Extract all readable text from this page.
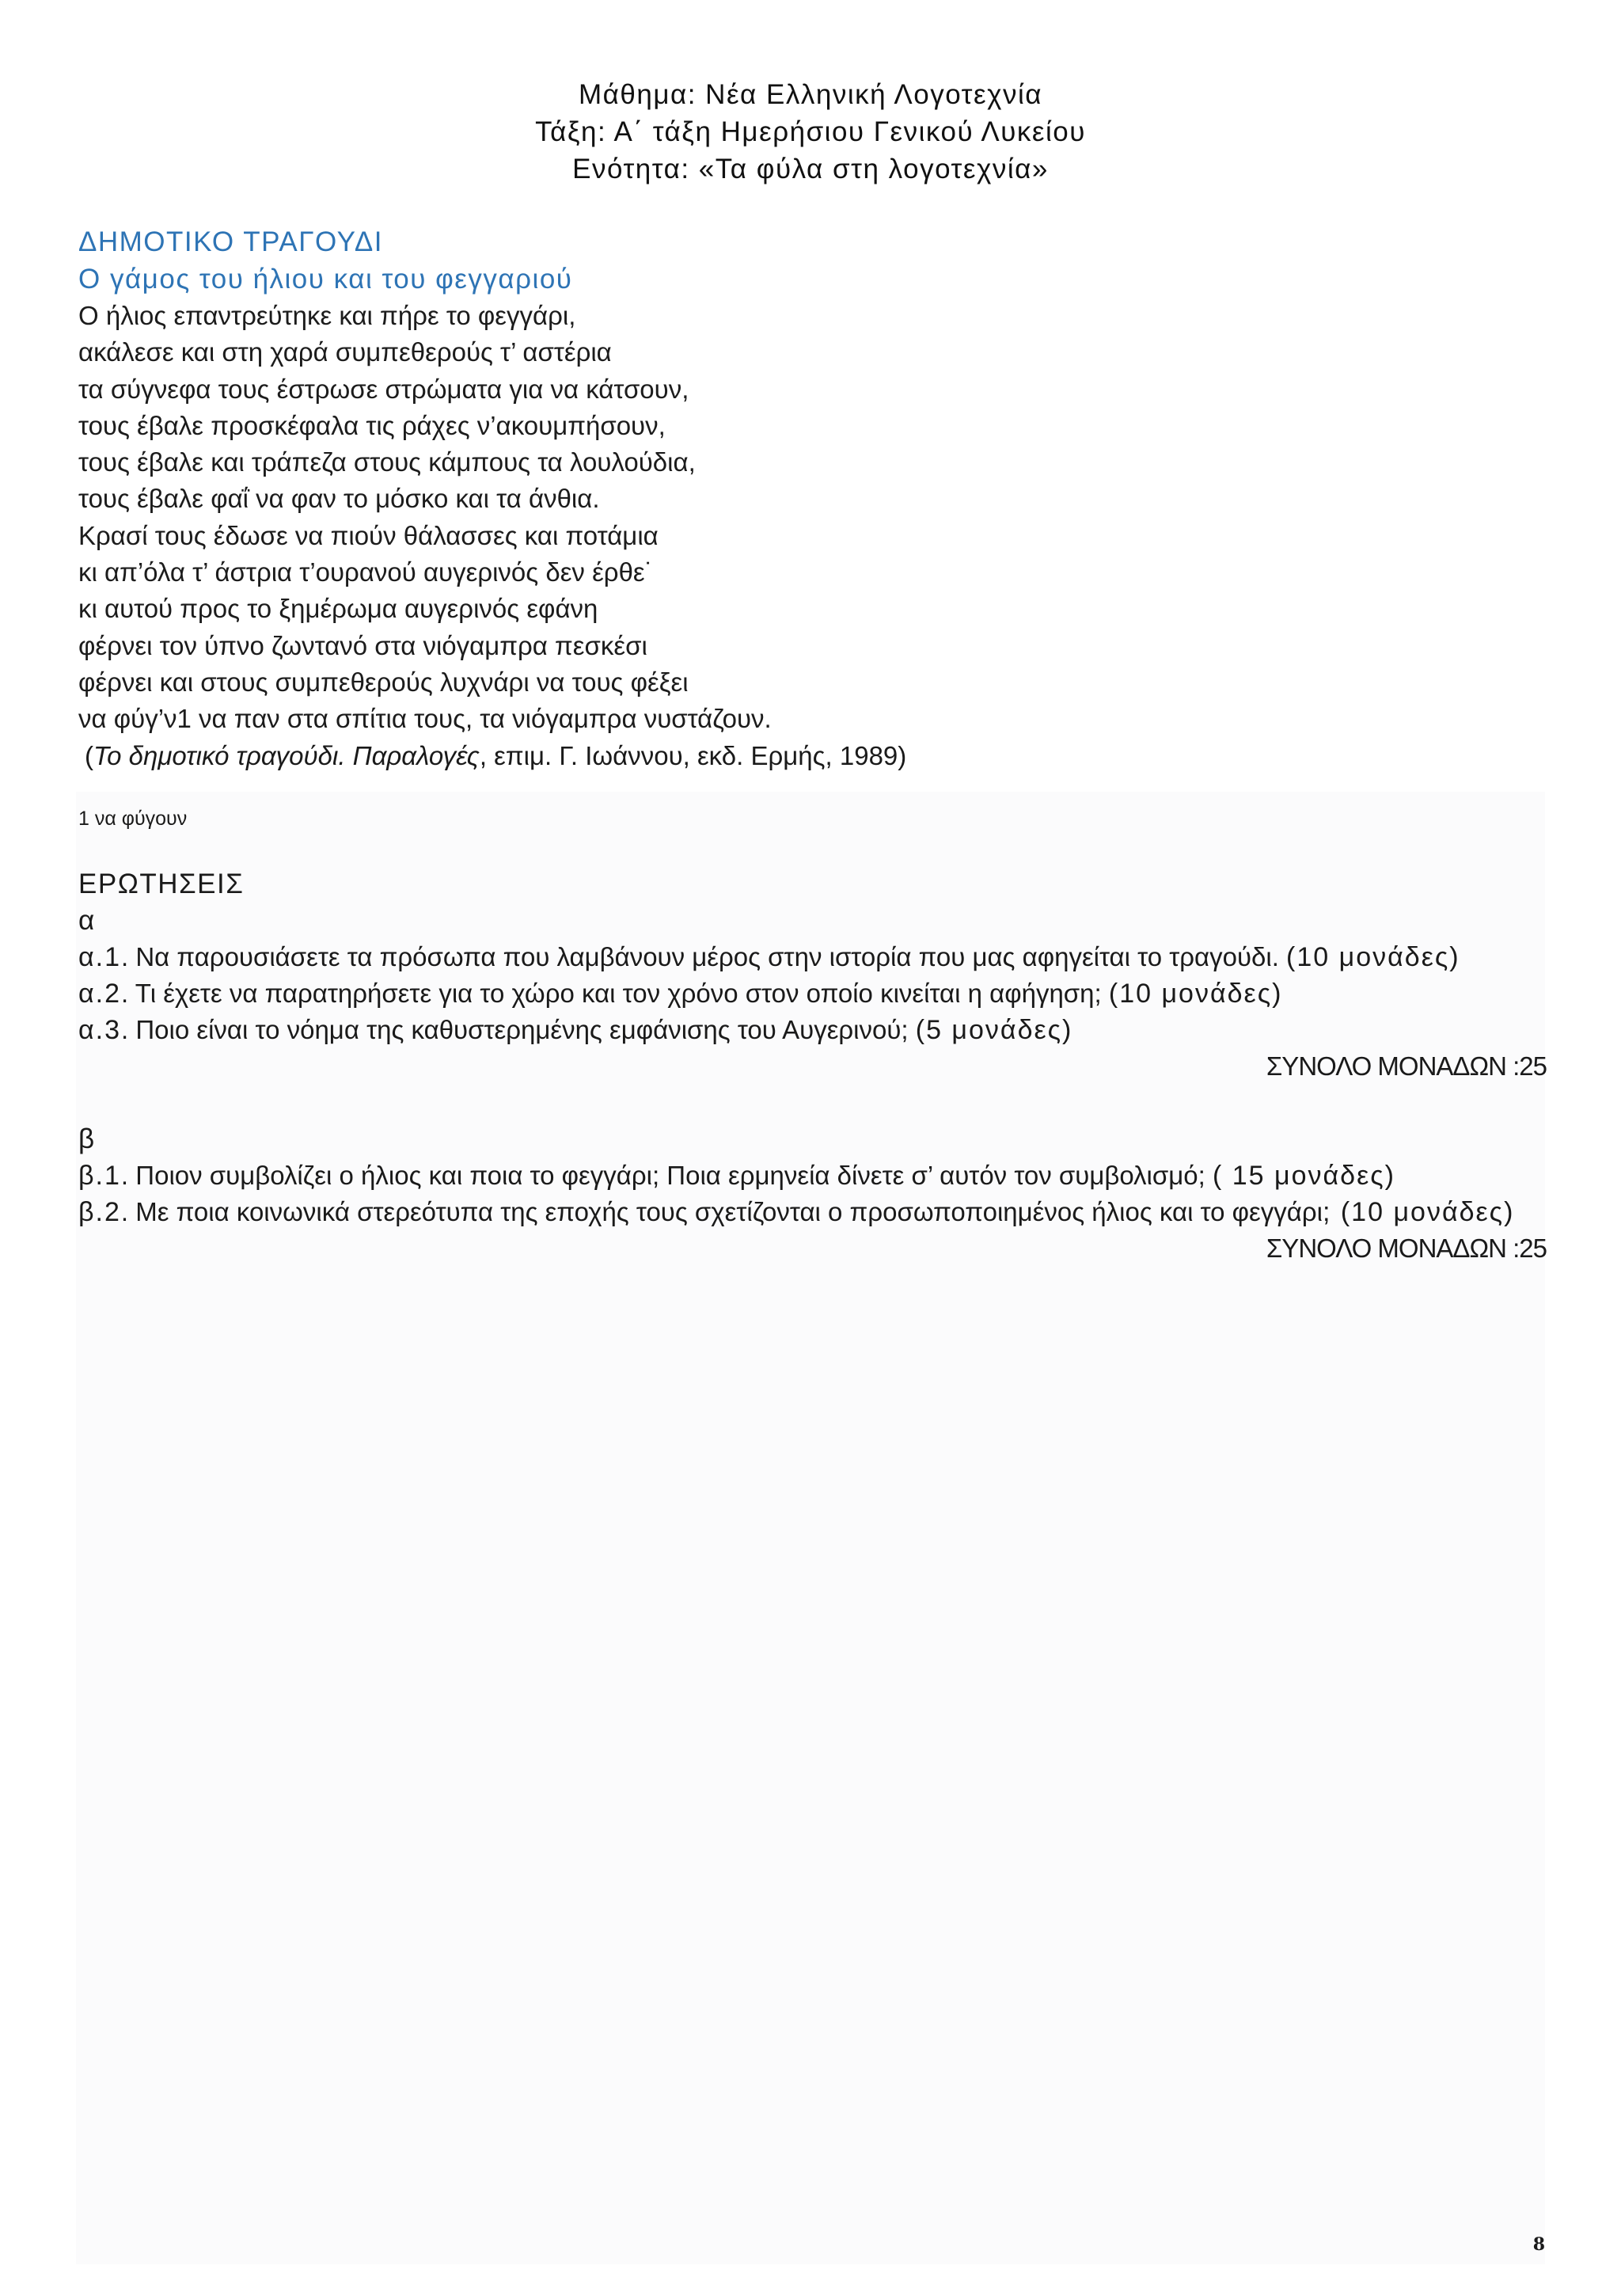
Μάθημα: Νέα Ελληνική Λογοτεχνία
Τάξη: Α΄ τάξη Ημερήσιου Γενικού Λυκείου
Ενότητα: «Τα φύλα στη λογοτεχνία»
ΔΗΜΟΤΙΚΟ ΤΡΑΓΟΥΔΙ
Ο γάμος του ήλιου και του φεγγαριού
Ο ήλιος επαντρεύτηκε και πήρε το φεγγάρι,
ακάλεσε και στη χαρά συμπεθερούς τ’ αστέρια
τα σύγνεφα τους έστρωσε στρώματα για να κάτσουν,
τους έβαλε προσκέφαλα τις ράχες ν’ακουμπήσουν,
τους έβαλε και τράπεζα στους κάμπους τα λουλούδια,
τους έβαλε φαΐ να φαν το μόσκο και τα άνθια.
Κρασί τους έδωσε να πιούν θάλασσες και ποτάμια
κι απ’όλα τ’ άστρια τ’ουρανού αυγερινός δεν έρθε˙
κι αυτού προς το ξημέρωμα αυγερινός εφάνη
φέρνει τον ύπνο ζωντανό στα νιόγαμπρα πεσκέσι
φέρνει και στους συμπεθερούς λυχνάρι να τους φέξει
να φύγ’ν1 να παν στα σπίτια τους, τα νιόγαμπρα νυστάζουν.
(Το δημοτικό τραγούδι. Παραλογές, επιμ. Γ. Ιωάννου, εκδ. Ερμής, 1989)
1 να φύγουν
ΕΡΩΤΗΣΕΙΣ
α
α.1. Να παρουσιάσετε τα πρόσωπα που λαμβάνουν μέρος στην ιστορία που μας αφηγείται το τραγούδι. (10 μονάδες)
α.2. Τι έχετε να παρατηρήσετε για το χώρο και τον χρόνο στον οποίο κινείται η αφήγηση; (10 μονάδες)
α.3. Ποιο είναι το νόημα της καθυστερημένης εμφάνισης του Αυγερινού; (5 μονάδες)
ΣΥΝΟΛΟ ΜΟΝΑΔΩΝ :25
β
β.1. Ποιον συμβολίζει ο ήλιος και ποια το φεγγάρι; Ποια ερμηνεία δίνετε σ’ αυτόν τον συμβολισμό; ( 15 μονάδες)
β.2. Με ποια κοινωνικά στερεότυπα της εποχής τους σχετίζονται ο προσωποποιημένος ήλιος και το φεγγάρι; (10 μονάδες)
ΣΥΝΟΛΟ ΜΟΝΑΔΩΝ :25
8
